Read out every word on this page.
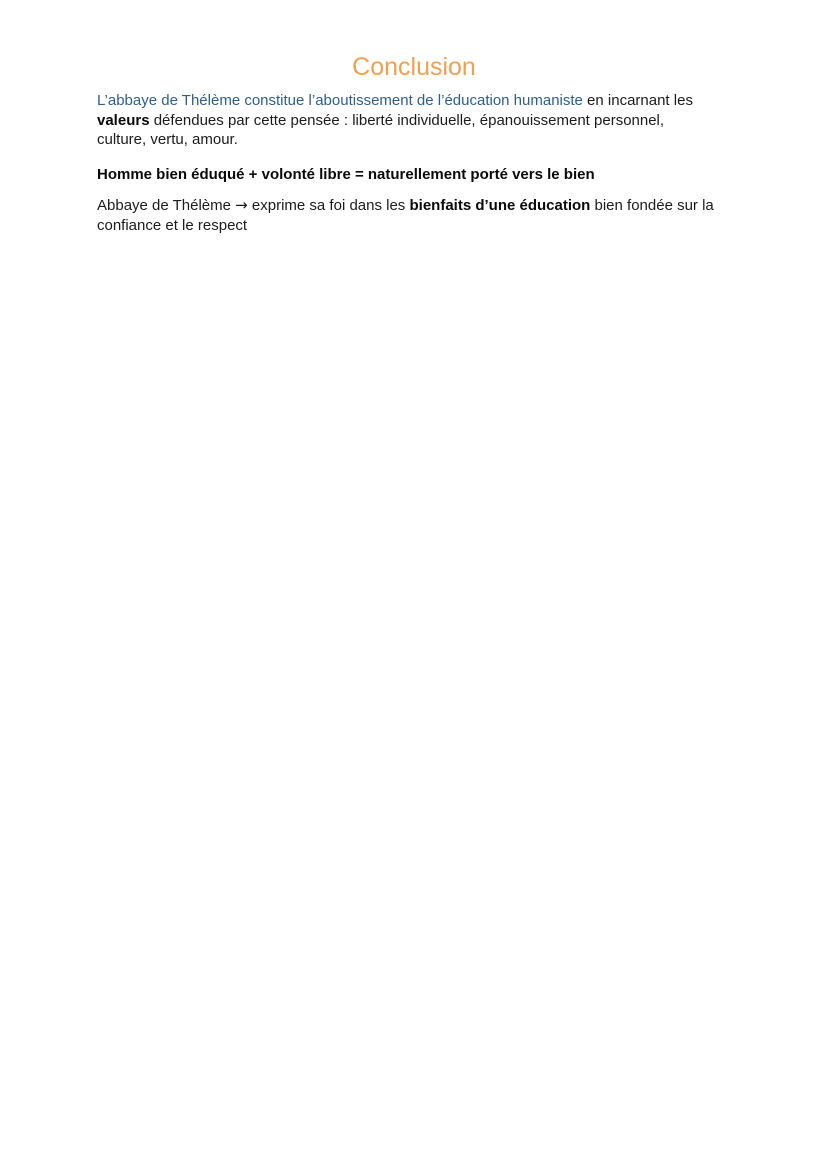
Conclusion

L’abbaye de Thélème constitue l’aboutissement de l’éducation humaniste en incarnant les valeurs défendues par cette pensée : liberté individuelle, épanouissement personnel, culture, vertu, amour.

Homme bien éduqué + volonté libre = naturellement porté vers le bien

Abbaye de Thélème → exprime sa foi dans les bienfaits d’une éducation bien fondée sur la confiance et le respect
